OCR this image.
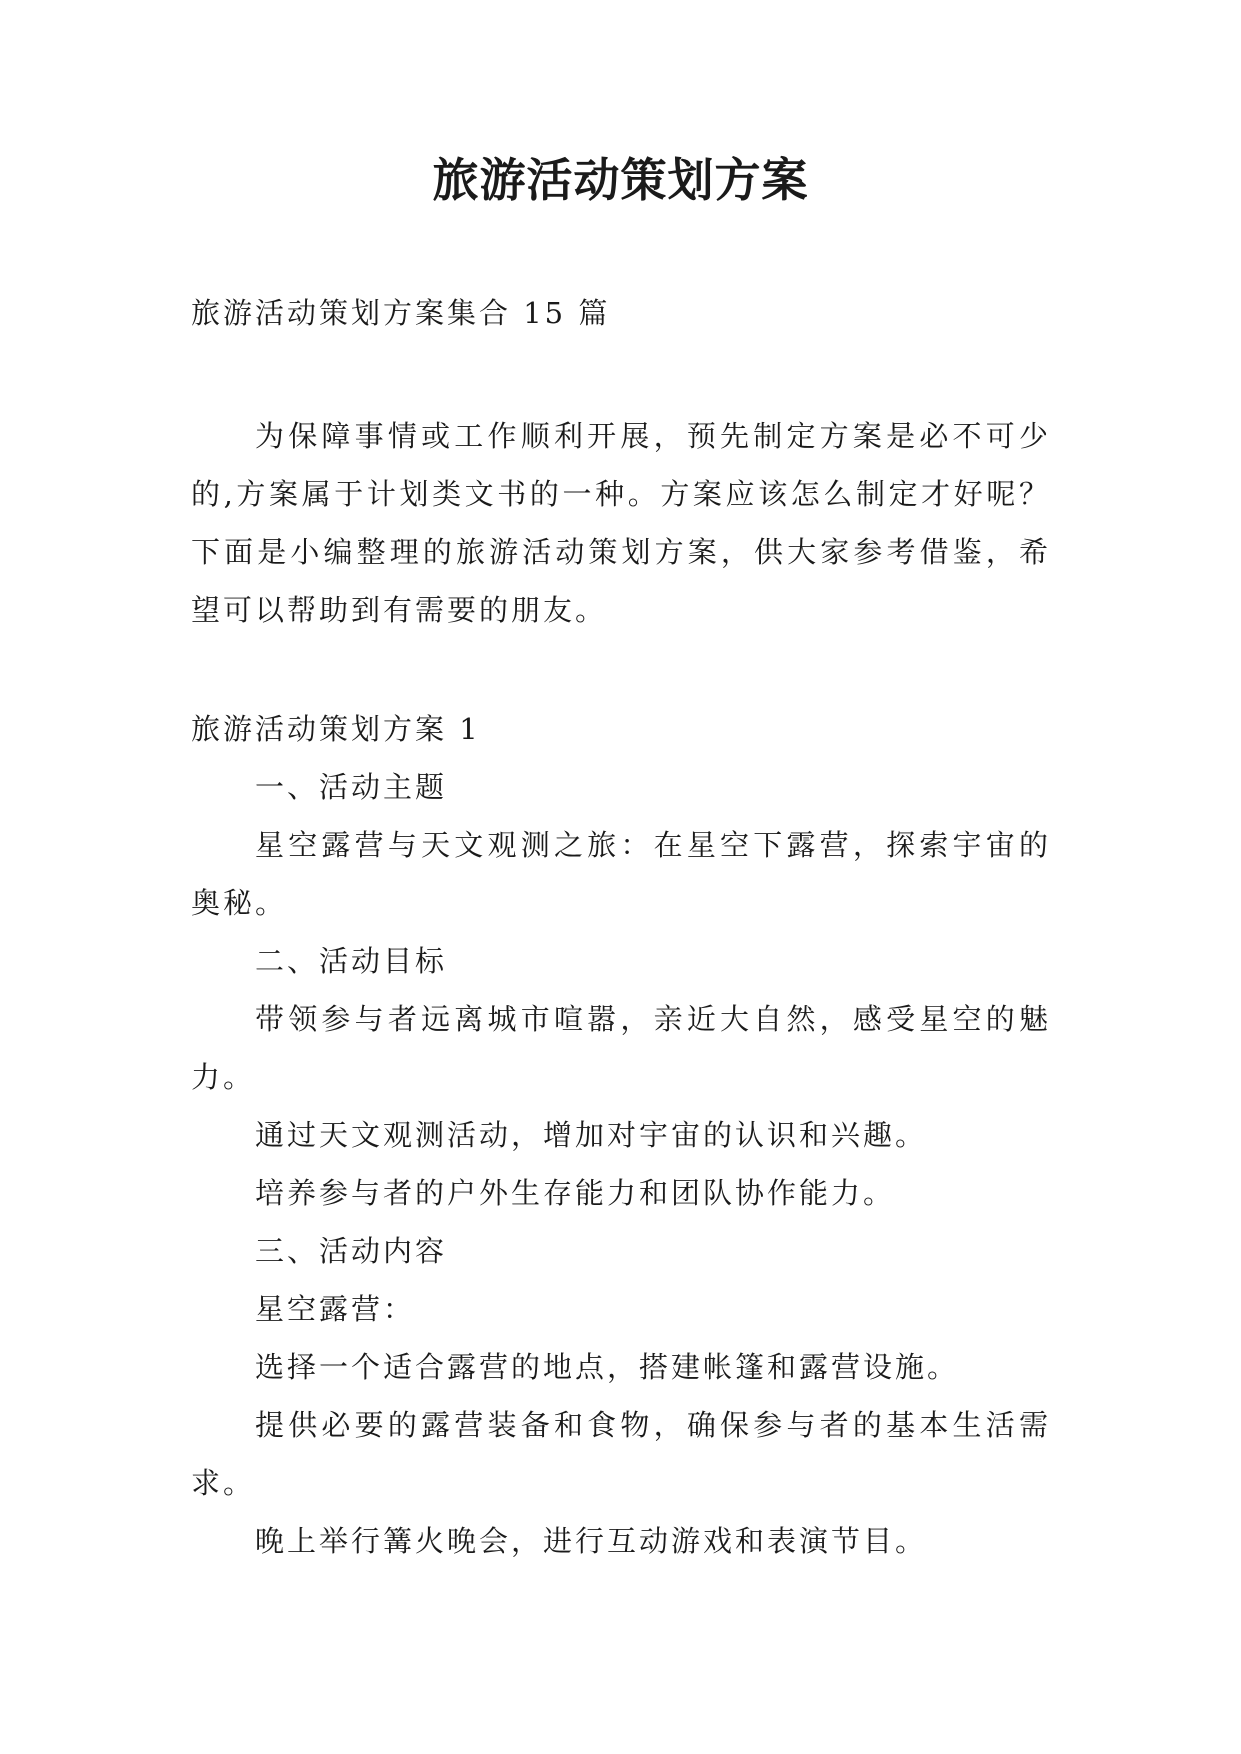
旅游活动策划方案
旅游活动策划方案集合 15 篇
为保障事情或工作顺利开展，预先制定方案是必不可少的,方案属于计划类文书的一种。方案应该怎么制定才好呢？下面是小编整理的旅游活动策划方案，供大家参考借鉴，希望可以帮助到有需要的朋友。

旅游活动策划方案 1

一、活动主题

星空露营与天文观测之旅：在星空下露营，探索宇宙的奥秘。

二、活动目标

带领参与者远离城市喧嚣，亲近大自然，感受星空的魅力。

通过天文观测活动，增加对宇宙的认识和兴趣。

培养参与者的户外生存能力和团队协作能力。

三、活动内容

星空露营：

选择一个适合露营的地点，搭建帐篷和露营设施。

提供必要的露营装备和食物，确保参与者的基本生活需求。

晚上举行篝火晚会，进行互动游戏和表演节目。
